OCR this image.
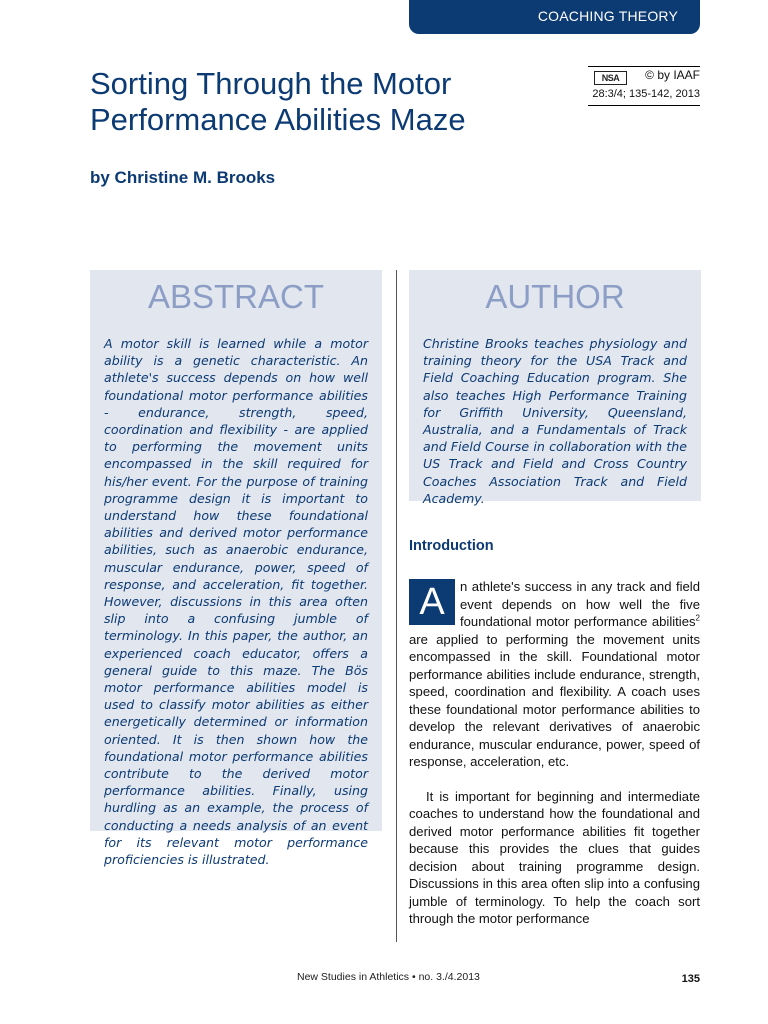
COACHING THEORY
Sorting Through the Motor Performance Abilities Maze
by Christine M. Brooks
NSA	© by IAAF
28:3/4; 135-142, 2013
ABSTRACT
A motor skill is learned while a motor ability is a genetic characteristic. An athlete's success depends on how well foundational motor performance abilities - endurance, strength, speed, coordination and flexibility - are applied to performing the movement units encompassed in the skill required for his/her event. For the purpose of training programme design it is important to understand how these foundational abilities and derived motor performance abilities, such as anaerobic endurance, muscular endurance, power, speed of response, and acceleration, fit together. However, discussions in this area often slip into a confusing jumble of terminology. In this paper, the author, an experienced coach educator, offers a general guide to this maze. The Bös motor performance abilities model is used to classify motor abilities as either energetically determined or information oriented. It is then shown how the foundational motor performance abilities contribute to the derived motor performance abilities. Finally, using hurdling as an example, the process of conducting a needs analysis of an event for its relevant motor performance proficiencies is illustrated.
AUTHOR
Christine Brooks teaches physiology and training theory for the USA Track and Field Coaching Education program. She also teaches High Performance Training for Griffith University, Queensland, Australia, and a Fundamentals of Track and Field Course in collaboration with the US Track and Field and Cross Country Coaches Association Track and Field Academy.
Introduction
A	n athlete's success in any track and field event depends on how well the five foundational motor performance abilities$^2$ are applied to performing the movement units encompassed in the skill. Foundational motor performance abilities include endurance, strength, speed, coordination and flexibility. A coach uses these foundational motor performance abilities to develop the relevant derivatives of anaerobic endurance, muscular endurance, power, speed of response, acceleration, etc.

It is important for beginning and intermediate coaches to understand how the foundational and derived motor performance abilities fit together because this provides the clues that guides decision about training programme design. Discussions in this area often slip into a confusing jumble of terminology. To help the coach sort through the motor performance

New Studies in Athletics • no. 3./4.2013	135
